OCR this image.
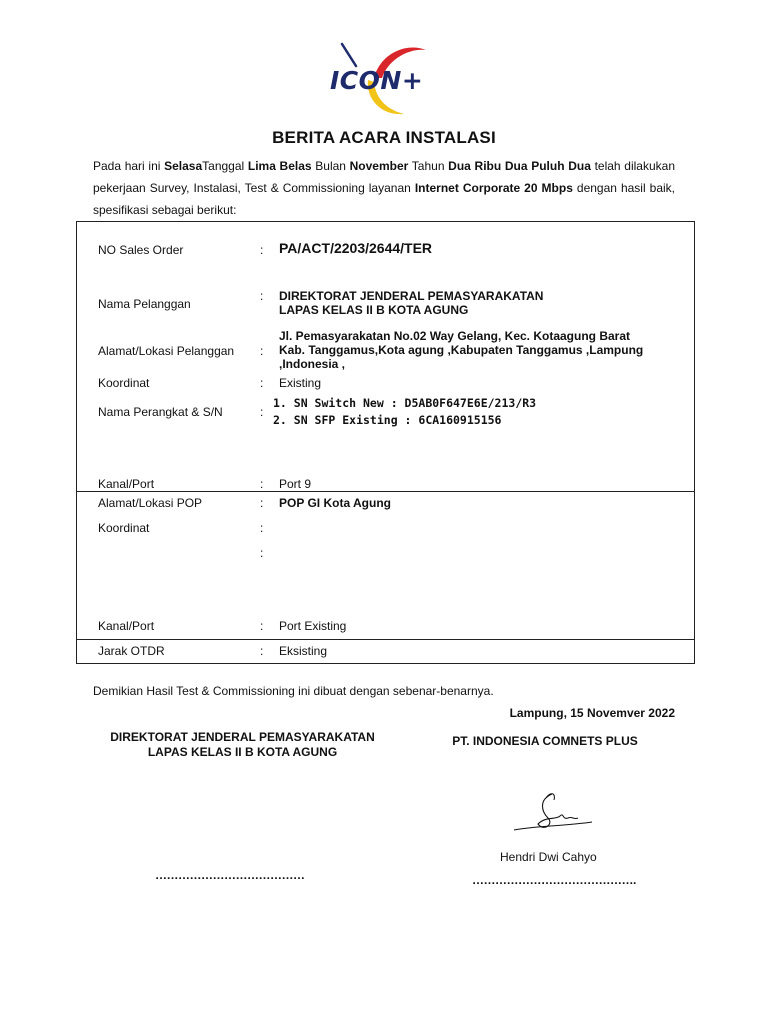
ICON+
BERITA ACARA INSTALASI
Pada hari ini SelasaTanggal Lima Belas Bulan November Tahun Dua Ribu Dua Puluh Dua telah dilakukan pekerjaan Survey, Instalasi, Test & Commissioning layanan Internet Corporate 20 Mbps dengan hasil baik, spesifikasi sebagai berikut:
NO Sales Order	: PA/ACT/2203/2644/TER
Nama Pelanggan
: DIREKTORAT JENDERAL PEMASYARAKATAN
LAPAS KELAS II B KOTA AGUNG
Alamat/Lokasi Pelanggan :
Jl. Pemasyarakatan No.02 Way Gelang, Kec. Kotaagung Barat
Kab. Tanggamus,Kota agung ,Kabupaten Tanggamus ,Lampung
,Indonesia ,
Koordinat	: Existing
Nama Perangkat & S/N	:
1. SN Switch New : D5AB0F647E6E/213/R3
2. SN SFP Existing : 6CA160915156
Kanal/Port	: Port 9
Alamat/Lokasi POP	: POP GI Kota Agung
Koordinat	:
:
Kanal/Port	: Port Existing
Jarak OTDR	: Eksisting
Demikian Hasil Test & Commissioning ini dibuat dengan sebenar-benarnya.
Lampung, 15 Novemver 2022
DIREKTORAT JENDERAL PEMASYARAKATAN
LAPAS KELAS II B KOTA AGUNG
PT. INDONESIA COMNETS PLUS
Hendri Dwi Cahyo
…………………………………	…………………………………….
